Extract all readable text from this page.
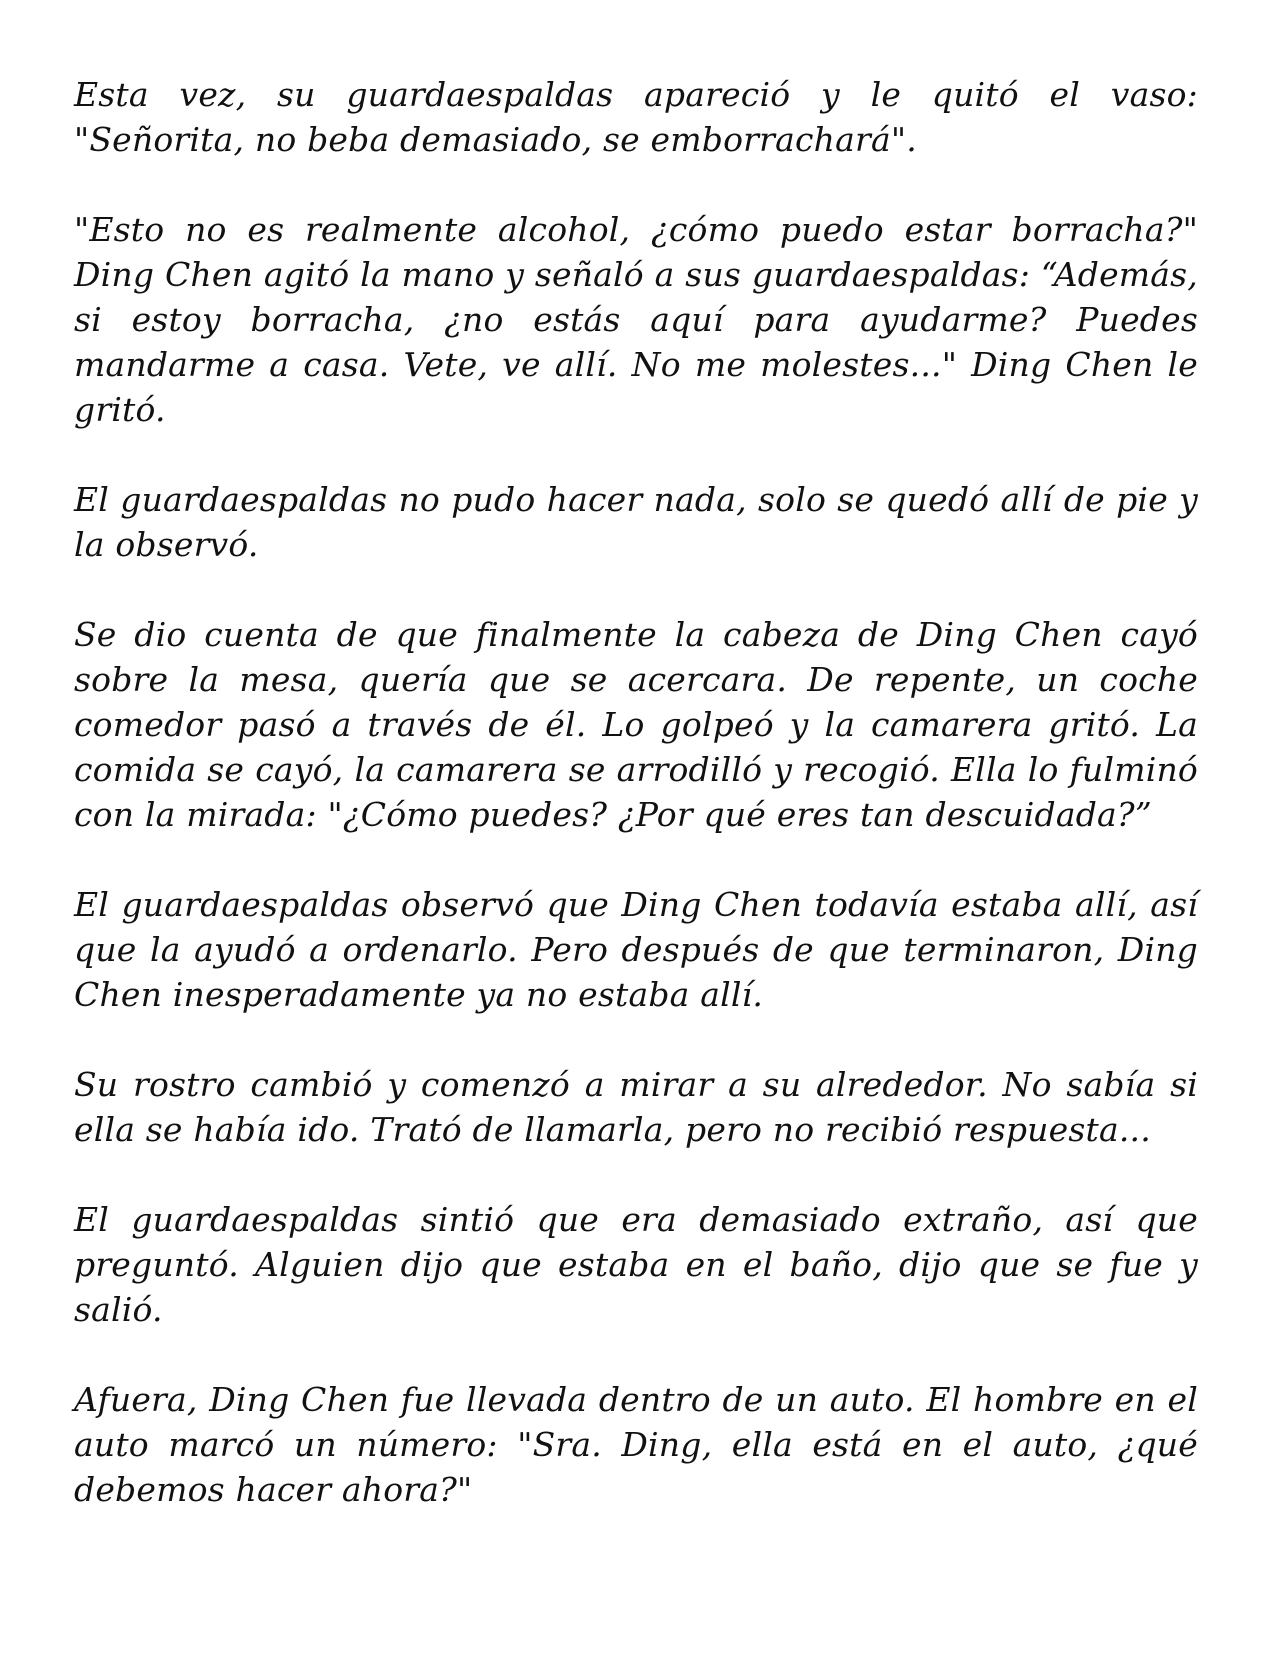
Esta vez, su guardaespaldas apareció y le quitó el vaso: "Señorita, no beba demasiado, se emborrachará".

"Esto no es realmente alcohol, ¿cómo puedo estar borracha?" Ding Chen agitó la mano y señaló a sus guardaespaldas: “Además, si estoy borracha, ¿no estás aquí para ayudarme? Puedes mandarme a casa. Vete, ve allí. No me molestes..." Ding Chen le gritó.

El guardaespaldas no pudo hacer nada, solo se quedó allí de pie y la observó.

Se dio cuenta de que finalmente la cabeza de Ding Chen cayó sobre la mesa, quería que se acercara. De repente, un coche comedor pasó a través de él. Lo golpeó y la camarera gritó. La comida se cayó, la camarera se arrodilló y recogió. Ella lo fulminó con la mirada: "¿Cómo puedes? ¿Por qué eres tan descuidada?”

El guardaespaldas observó que Ding Chen todavía estaba allí, así que la ayudó a ordenarlo. Pero después de que terminaron, Ding Chen inesperadamente ya no estaba allí.

Su rostro cambió y comenzó a mirar a su alrededor. No sabía si ella se había ido. Trató de llamarla, pero no recibió respuesta...

El guardaespaldas sintió que era demasiado extraño, así que preguntó. Alguien dijo que estaba en el baño, dijo que se fue y salió.

Afuera, Ding Chen fue llevada dentro de un auto. El hombre en el auto marcó un número: "Sra. Ding, ella está en el auto, ¿qué debemos hacer ahora?"
